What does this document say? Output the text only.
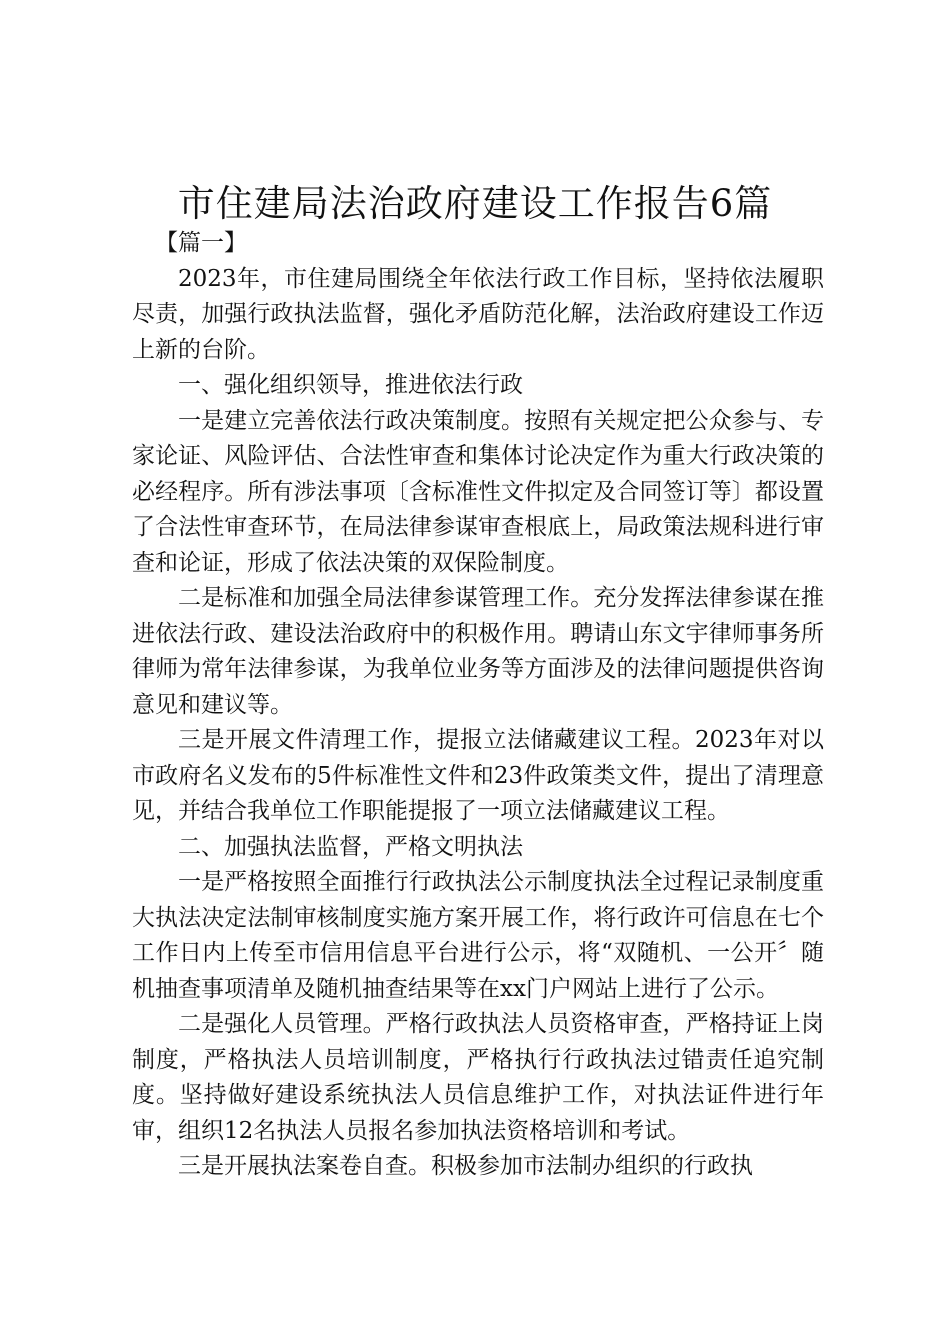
市住建局法治政府建设工作报告6篇
【篇一】

2023年，市住建局围绕全年依法行政工作目标，坚持依法履职尽责，加强行政执法监督，强化矛盾防范化解，法治政府建设工作迈上新的台阶。

一、强化组织领导，推进依法行政

一是建立完善依法行政决策制度。按照有关规定把公众参与、专家论证、风险评估、合法性审查和集体讨论决定作为重大行政决策的必经程序。所有涉法事项〔含标准性文件拟定及合同签订等〕都设置了合法性审查环节，在局法律参谋审查根底上，局政策法规科进行审查和论证，形成了依法决策的双保险制度。

二是标准和加强全局法律参谋管理工作。充分发挥法律参谋在推进依法行政、建设法治政府中的积极作用。聘请山东文宇律师事务所律师为常年法律参谋，为我单位业务等方面涉及的法律问题提供咨询意见和建议等。

三是开展文件清理工作，提报立法储藏建议工程。2023年对以市政府名义发布的5件标准性文件和23件政策类文件，提出了清理意见，并结合我单位工作职能提报了一项立法储藏建议工程。

二、加强执法监督，严格文明执法

一是严格按照全面推行行政执法公示制度执法全过程记录制度重大执法决定法制审核制度实施方案开展工作，将行政许可信息在七个工作日内上传至市信用信息平台进行公示，将“双随机、一公开〞随机抽查事项清单及随机抽查结果等在xx门户网站上进行了公示。

二是强化人员管理。严格行政执法人员资格审查，严格持证上岗制度，严格执法人员培训制度，严格执行行政执法过错责任追究制度。坚持做好建设系统执法人员信息维护工作，对执法证件进行年审，组织12名执法人员报名参加执法资格培训和考试。

三是开展执法案卷自查。积极参加市法制办组织的行政执
